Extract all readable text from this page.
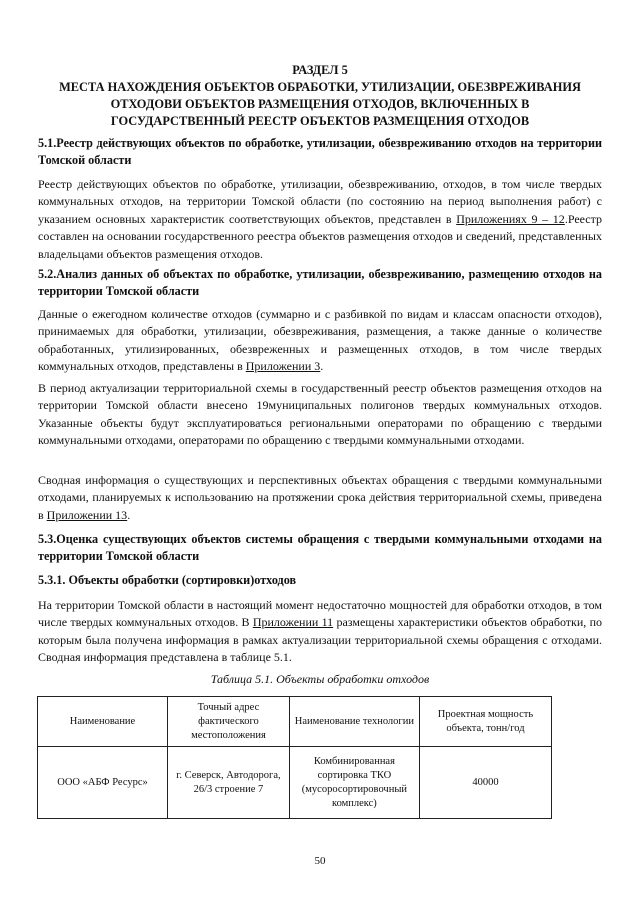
РАЗДЕЛ 5
МЕСТА НАХОЖДЕНИЯ ОБЪЕКТОВ ОБРАБОТКИ, УТИЛИЗАЦИИ, ОБЕЗВРЕЖИВАНИЯ
ОТХОДОВИ ОБЪЕКТОВ РАЗМЕЩЕНИЯ ОТХОДОВ, ВКЛЮЧЕННЫХ В
ГОСУДАРСТВЕННЫЙ РЕЕСТР ОБЪЕКТОВ РАЗМЕЩЕНИЯ ОТХОДОВ
5.1.Реестр действующих объектов по обработке, утилизации, обезвреживанию отходов на территории Томской области
Реестр действующих объектов по обработке, утилизации, обезвреживанию, отходов, в том числе твердых коммунальных отходов, на территории Томской области (по состоянию на период выполнения работ) с указанием основных характеристик соответствующих объектов, представлен в Приложениях 9 – 12.Реестр составлен на основании государственного реестра объектов размещения отходов и сведений, представленных владельцами объектов размещения отходов.
5.2.Анализ данных об объектах по обработке, утилизации, обезвреживанию, размещению отходов на территории Томской области
Данные о ежегодном количестве отходов (суммарно и с разбивкой по видам и классам опасности отходов), принимаемых для обработки, утилизации, обезвреживания, размещения, а также данные о количестве обработанных, утилизированных, обезвреженных и размещенных отходов, в том числе твердых коммунальных отходов, представлены в Приложении 3.
В период актуализации территориальной схемы в государственный реестр объектов размещения отходов на территории Томской области внесено 19муниципальных полигонов твердых коммунальных отходов. Указанные объекты будут эксплуатироваться региональными операторами по обращению с твердыми коммунальными отходами, операторами по обращению с твердыми коммунальными отходами.
Сводная информация о существующих и перспективных объектах обращения с твердыми коммунальными отходами, планируемых к использованию на протяжении срока действия территориальной схемы, приведена в Приложении 13.
5.3.Оценка существующих объектов системы обращения с твердыми коммунальными отходами на территории Томской области
5.3.1. Объекты обработки (сортировки)отходов
На территории Томской области в настоящий момент недостаточно мощностей для обработки отходов, в том числе твердых коммунальных отходов. В Приложении 11 размещены характеристики объектов обработки, по которым была получена информация в рамках актуализации территориальной схемы обращения с отходами. Сводная информация представлена в таблице 5.1.
Таблица 5.1. Объекты обработки отходов
Наименование	Точный адрес фактического местоположения	Наименование технологии	Проектная мощность объекта, тонн/год
ООО «АБФ Ресурс»	г. Северск, Автодорога, 26/3 строение 7	Комбинированная сортировка ТКО (мусоросортировочный комплекс)	40000
50
